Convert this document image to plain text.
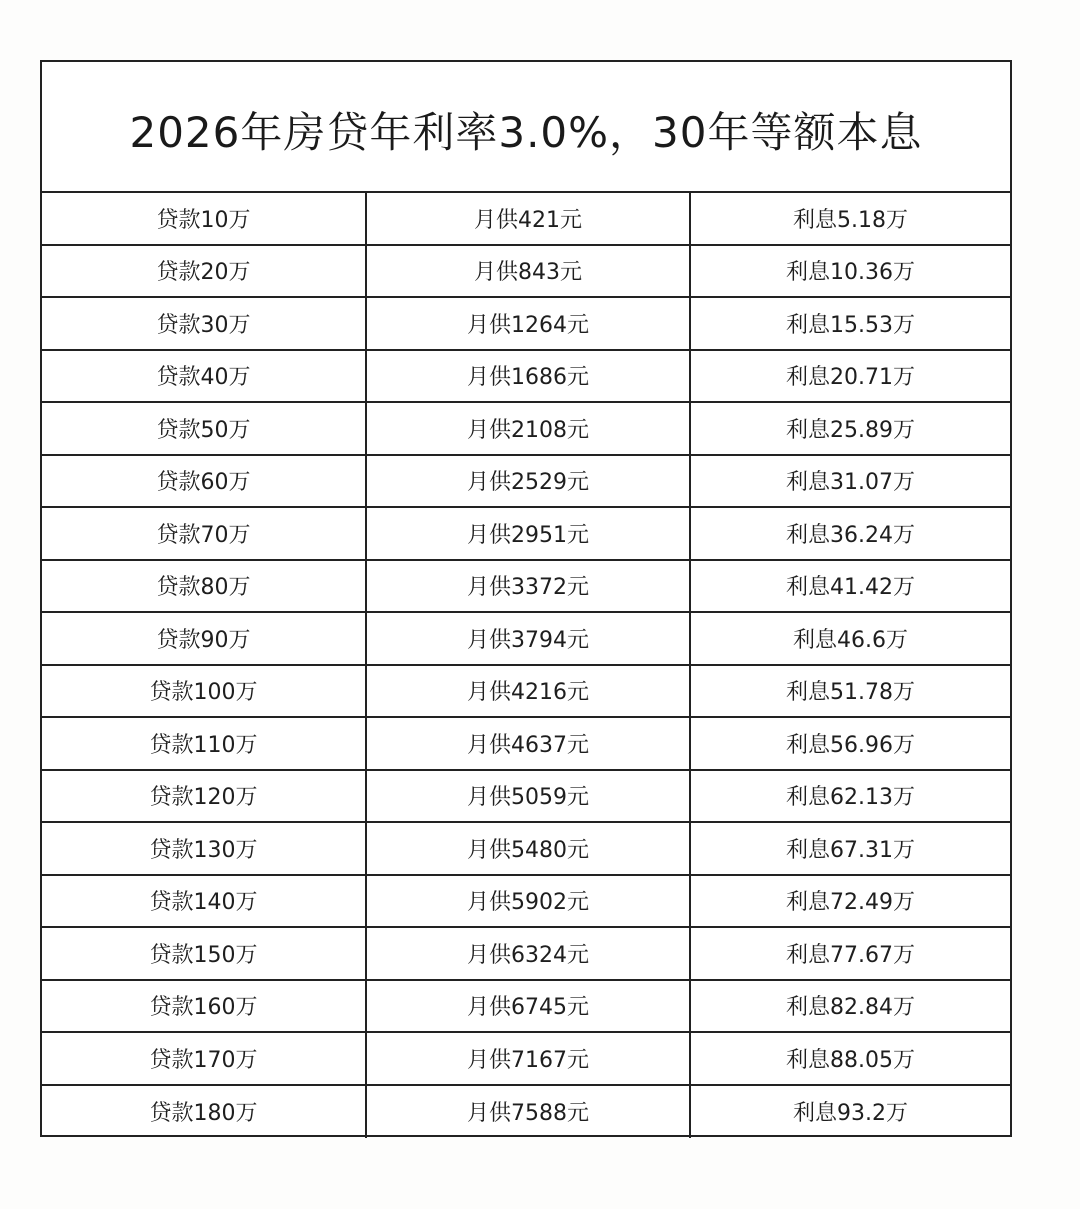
2026年房贷年利率3.0%，30年等额本息
贷款10万	月供421元	利息5.18万
贷款20万	月供843元	利息10.36万
贷款30万	月供1264元	利息15.53万
贷款40万	月供1686元	利息20.71万
贷款50万	月供2108元	利息25.89万
贷款60万	月供2529元	利息31.07万
贷款70万	月供2951元	利息36.24万
贷款80万	月供3372元	利息41.42万
贷款90万	月供3794元	利息46.6万
贷款100万	月供4216元	利息51.78万
贷款110万	月供4637元	利息56.96万
贷款120万	月供5059元	利息62.13万
贷款130万	月供5480元	利息67.31万
贷款140万	月供5902元	利息72.49万
贷款150万	月供6324元	利息77.67万
贷款160万	月供6745元	利息82.84万
贷款170万	月供7167元	利息88.05万
贷款180万	月供7588元	利息93.2万
